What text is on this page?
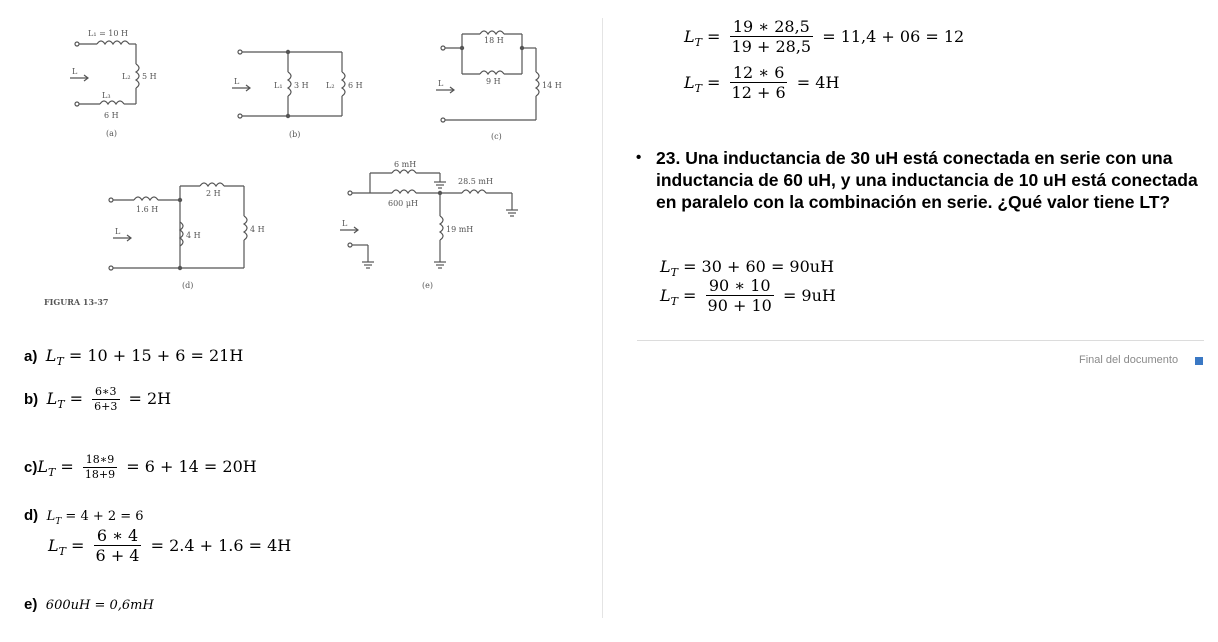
L₁ = 10 H
L₂ 5 H
L₃
6 H
(a)
L₁ 3 H L₂ 6 H
(b)
18 H
9 H	14 H
(c)
1.6 H
2 H
4 H
4 H
(d)
6 mH
600 μH
28.5 mH
19 mH
(e)
L
L	L
L
L
FIGURA 13-37
a) $L_T = 10 + 15 + 6 = 21H$
b) $L_T = \frac{6∗3}{6+3} = 2H$
$c)L_T = \frac{18∗9}{18+9} = 6 + 14 = 20H$
d) $L_T = 4 + 2 = 6$
$L_T = \frac{6 ∗ 4}{6 + 4} = 2.4 + 1.6 = 4H$
e) 600uH = 0,6mH
$L_T = \frac{19 ∗ 28,5}{19 + 28,5} = 11,4 + 06 = 12$
$L_T = \frac{12 ∗ 6}{12 + 6} = 4H$
• 23. Una inductancia de 30 uH está conectada en serie con una inductancia de 60 uH, y una inductancia de 10 uH está conectada en paralelo con la combinación en serie. ¿Qué valor tiene LT?
$L_T = 30 + 60 = 90uH$
$L_T = \frac{90 ∗ 10}{90 + 10} = 9uH$
Final del documento
